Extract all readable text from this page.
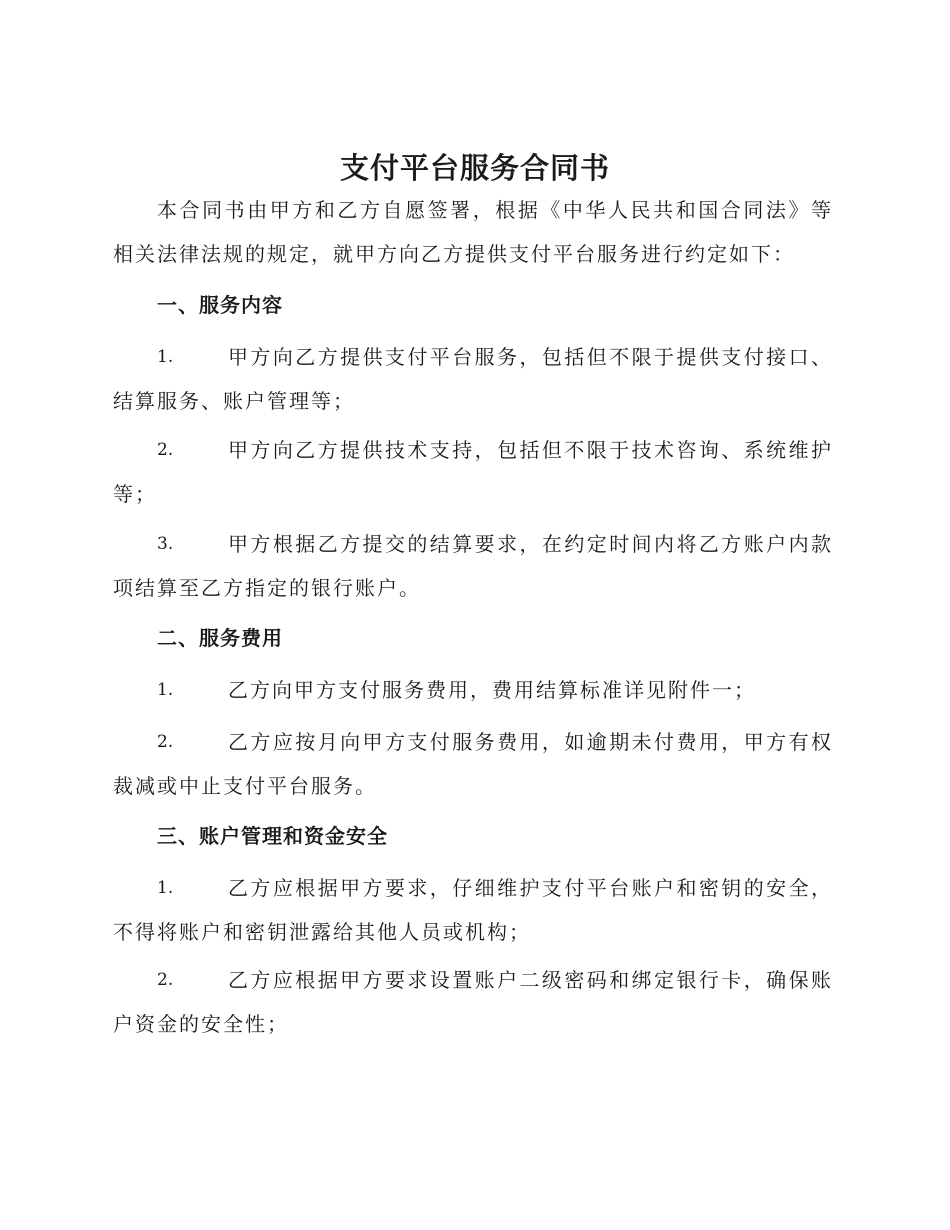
支付平台服务合同书
本合同书由甲方和乙方自愿签署，根据《中华人民共和国合同法》等相关法律法规的规定，就甲方向乙方提供支付平台服务进行约定如下：
一、服务内容
1.	甲方向乙方提供支付平台服务，包括但不限于提供支付接口、结算服务、账户管理等；
2.	甲方向乙方提供技术支持，包括但不限于技术咨询、系统维护等；
3.	甲方根据乙方提交的结算要求，在约定时间内将乙方账户内款项结算至乙方指定的银行账户。
二、服务费用
1.	乙方向甲方支付服务费用，费用结算标准详见附件一；
2.	乙方应按月向甲方支付服务费用，如逾期未付费用，甲方有权裁减或中止支付平台服务。
三、账户管理和资金安全
1.	乙方应根据甲方要求，仔细维护支付平台账户和密钥的安全，不得将账户和密钥泄露给其他人员或机构；
2.	乙方应根据甲方要求设置账户二级密码和绑定银行卡，确保账户资金的安全性；
